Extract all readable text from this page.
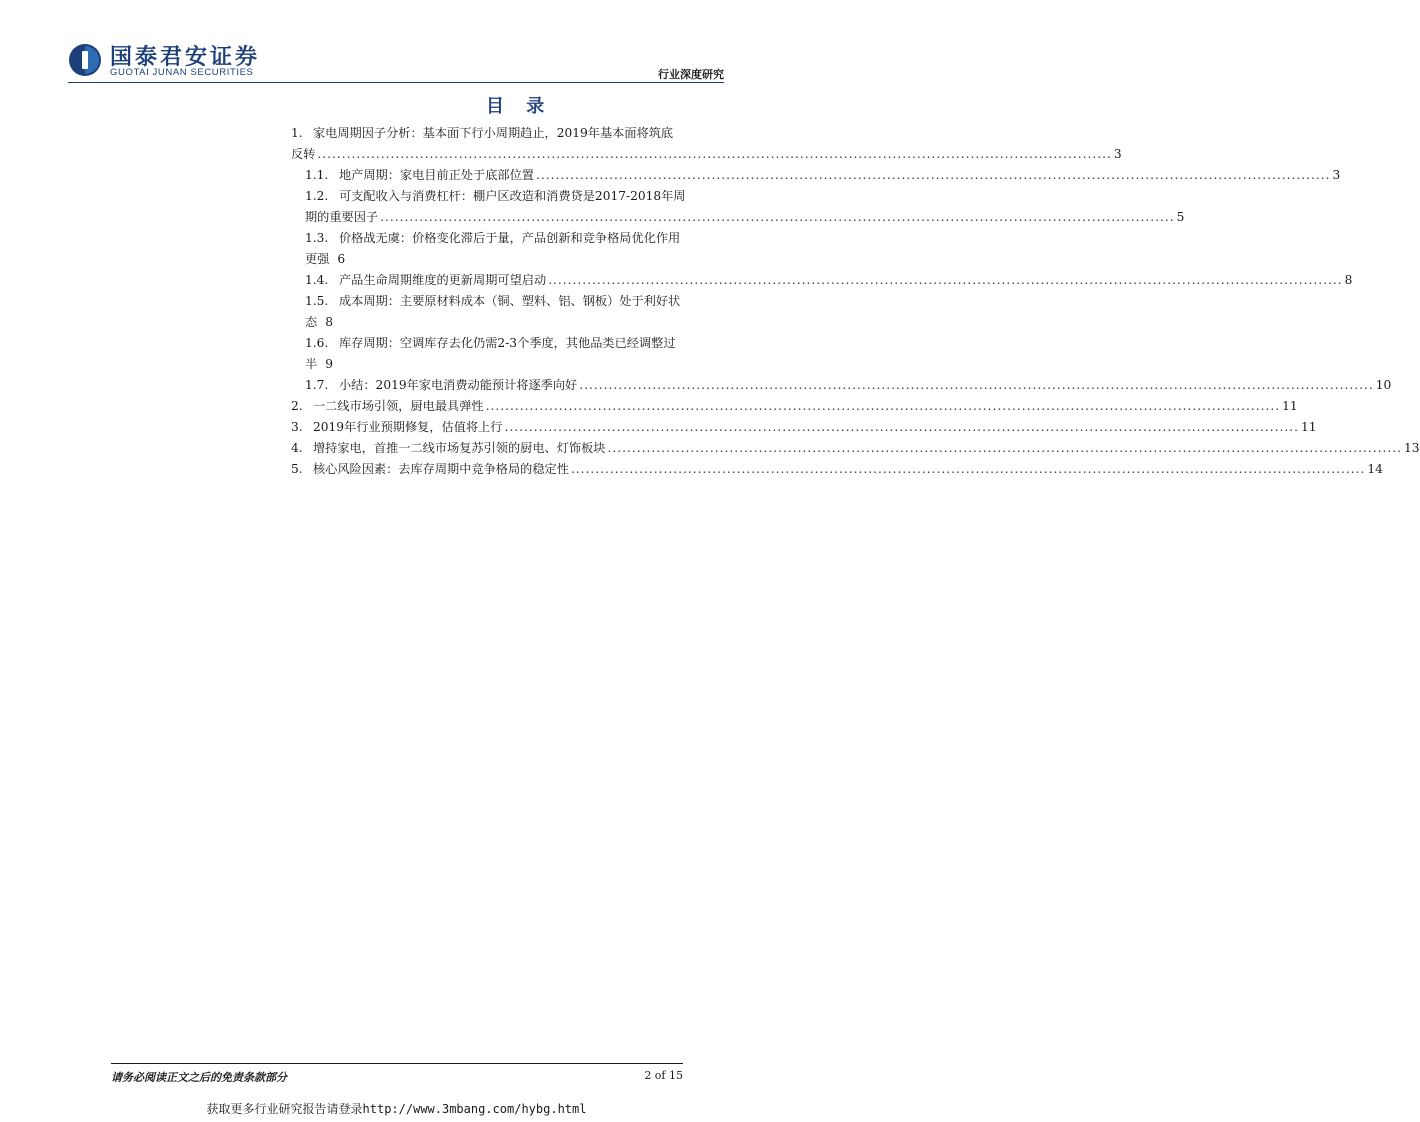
国泰君安证券
GUOTAI JUNAN SECURITIES	行业深度研究
目 录
1. 家电周期因子分析：基本面下行小周期趋止，2019年基本面将筑底
反转 .....	3
1.1. 地产周期：家电目前正处于底部位置 .....	3
1.2. 可支配收入与消费杠杆：棚户区改造和消费贷是2017-2018年周
期的重要因子 .....	5
1.3. 价格战无虞：价格变化滞后于量，产品创新和竞争格局优化作用
更强 6
1.4. 产品生命周期维度的更新周期可望启动 .....	8
1.5. 成本周期：主要原材料成本（铜、塑料、铝、钢板）处于利好状
态 8
1.6. 库存周期：空调库存去化仍需2-3个季度，其他品类已经调整过
半 9
1.7. 小结：2019年家电消费动能预计将逐季向好 .....	10
2. 一二线市场引领，厨电最具弹性 .....	11
3. 2019年行业预期修复，估值将上行 .....	11
4. 增持家电，首推一二线市场复苏引领的厨电、灯饰板块 .....	13
5. 核心风险因素：去库存周期中竞争格局的稳定性 .....	14
请务必阅读正文之后的免责条款部分	2 of 15
获取更多行业研究报告请登录http://www.3mbang.com/hybg.html
